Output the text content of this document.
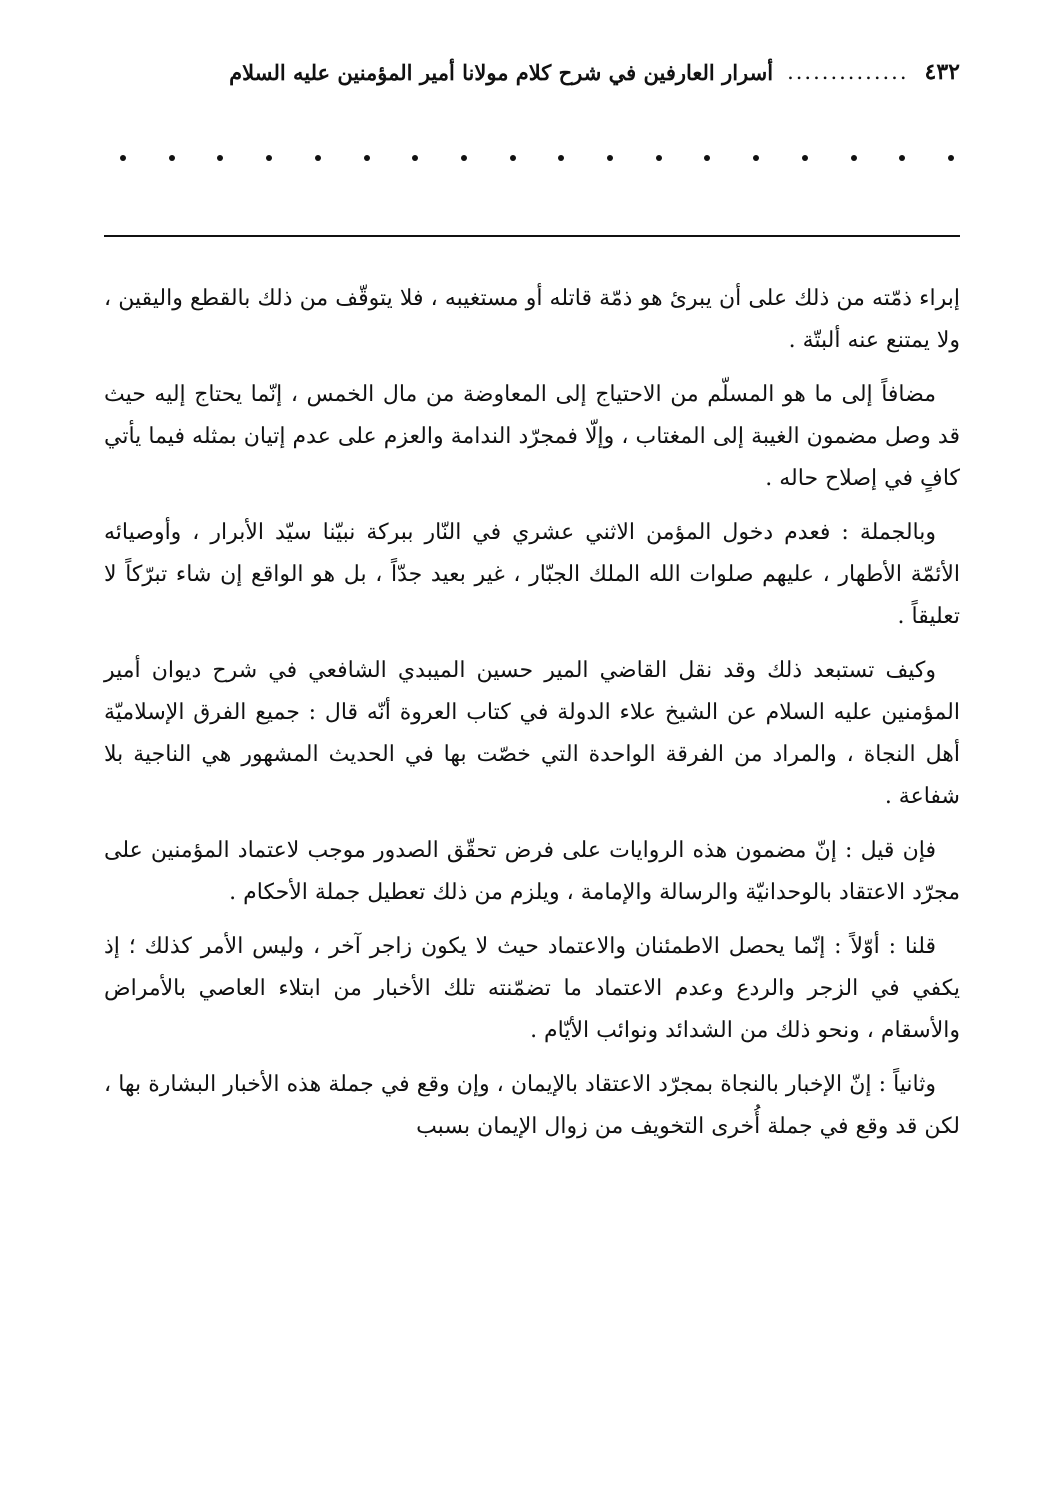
٤٣٢
..............
أسرار العارفين في شرح كلام مولانا أمير المؤمنين عليه السلام

إبراء ذمّته من ذلك على أن يبرئ هو ذمّة قاتله أو مستغيبه ، فلا يتوقّف من ذلك بالقطع واليقين ، ولا يمتنع عنه ألبتّة .

مضافاً إلى ما هو المسلّم من الاحتياج إلى المعاوضة من مال الخمس ، إنّما يحتاج إليه حيث قد وصل مضمون الغيبة إلى المغتاب ، وإلّا فمجرّد الندامة والعزم على عدم إتيان بمثله فيما يأتي كافٍ في إصلاح حاله .

وبالجملة : فعدم دخول المؤمن الاثني عشري في النّار ببركة نبيّنا سيّد الأبرار ، وأوصيائه الأئمّة الأطهار ، عليهم صلوات الله الملك الجبّار ، غير بعيد جدّاً ، بل هو الواقع إن شاء تبرّكاً لا تعليقاً .

وكيف تستبعد ذلك وقد نقل القاضي المير حسين الميبدي الشافعي في شرح ديوان أمير المؤمنين عليه السلام عن الشيخ علاء الدولة في كتاب العروة أنّه قال : جميع الفرق الإسلاميّة أهل النجاة ، والمراد من الفرقة الواحدة التي خصّت بها في الحديث المشهور هي الناجية بلا شفاعة .

فإن قيل : إنّ مضمون هذه الروايات على فرض تحقّق الصدور موجب لاعتماد المؤمنين على مجرّد الاعتقاد بالوحدانيّة والرسالة والإمامة ، ويلزم من ذلك تعطيل جملة الأحكام .

قلنا : أوّلاً : إنّما يحصل الاطمئنان والاعتماد حيث لا يكون زاجر آخر ، وليس الأمر كذلك ؛ إذ يكفي في الزجر والردع وعدم الاعتماد ما تضمّنته تلك الأخبار من ابتلاء العاصي بالأمراض والأسقام ، ونحو ذلك من الشدائد ونوائب الأيّام .

وثانياً : إنّ الإخبار بالنجاة بمجرّد الاعتقاد بالإيمان ، وإن وقع في جملة هذه الأخبار البشارة بها ، لكن قد وقع في جملة أُخرى التخويف من زوال الإيمان بسبب
